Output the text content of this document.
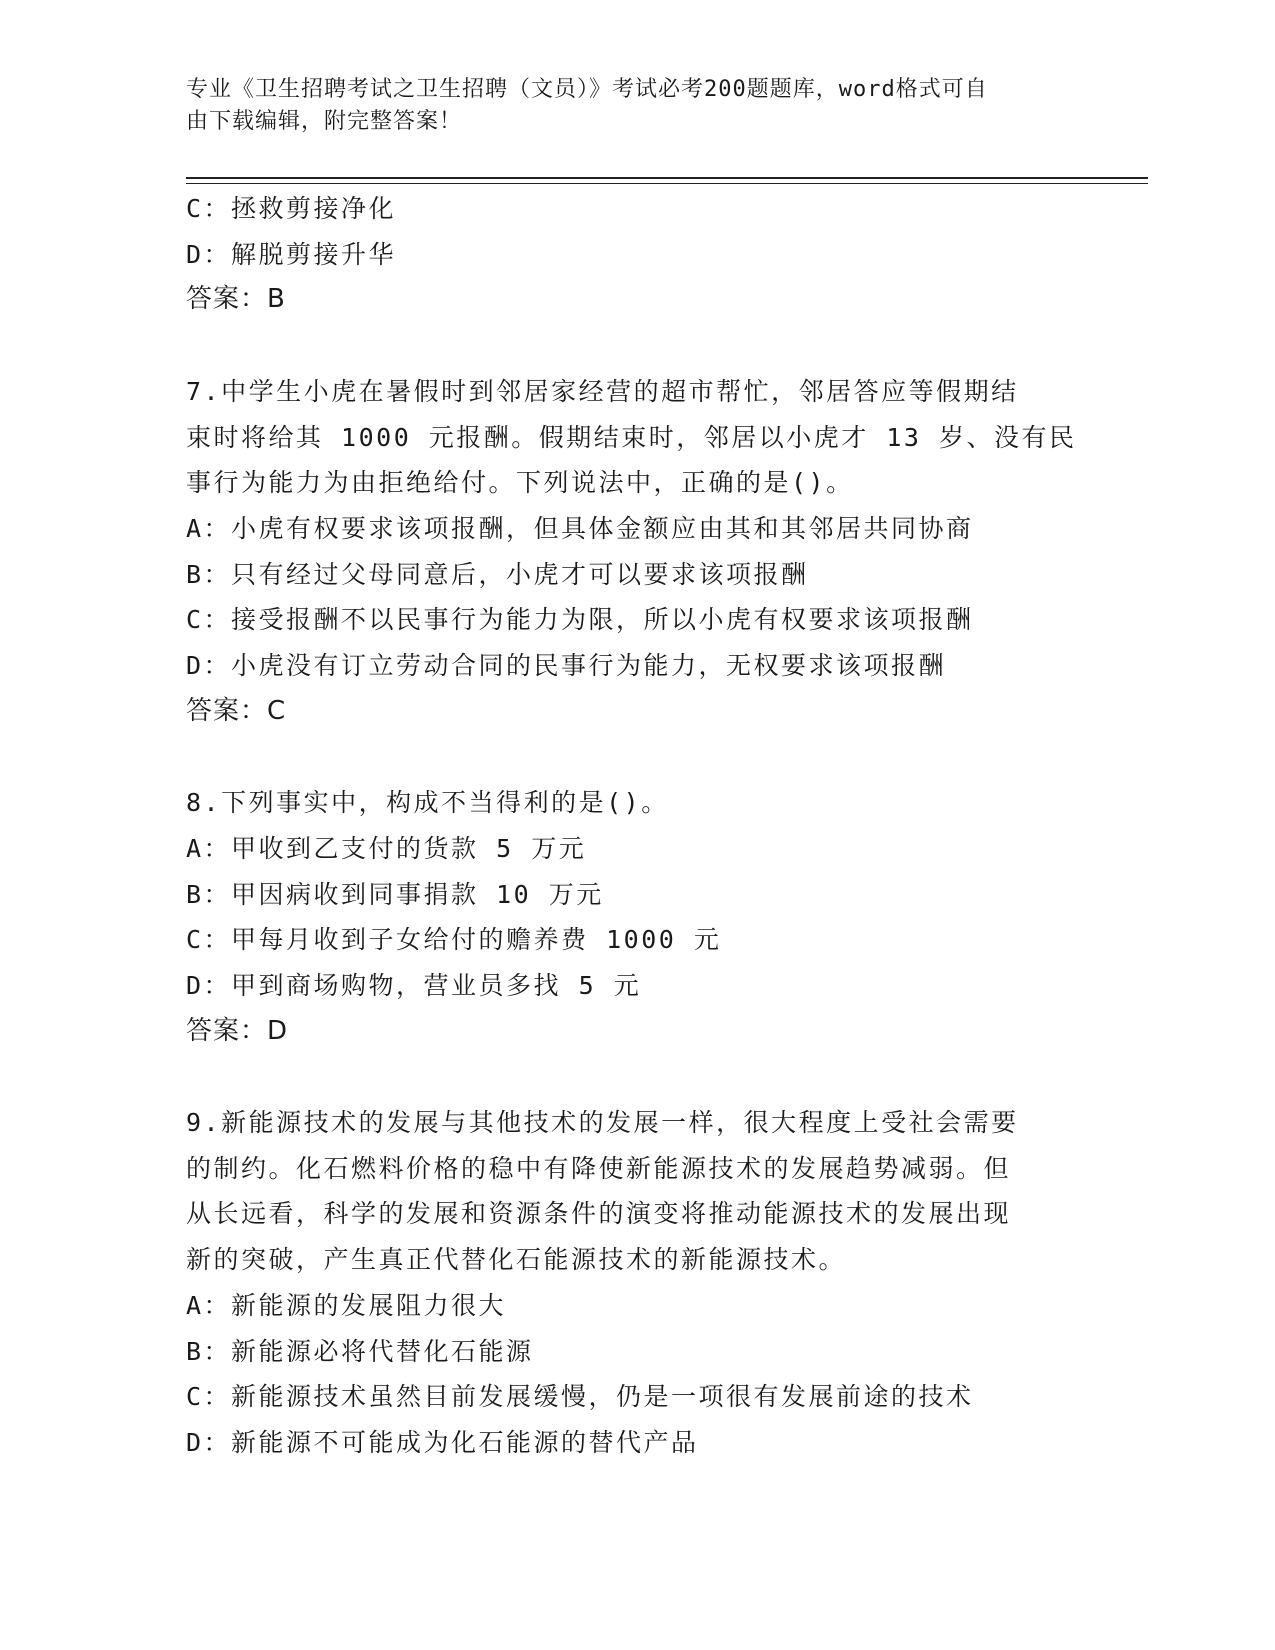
专业《卫生招聘考试之卫生招聘（文员）》考试必考200题题库，word格式可自
由下载编辑，附完整答案！
C：拯救剪接净化
D：解脱剪接升华
答案：B
7.中学生小虎在暑假时到邻居家经营的超市帮忙，邻居答应等假期结
束时将给其 1000 元报酬。假期结束时，邻居以小虎才 13 岁、没有民
事行为能力为由拒绝给付。下列说法中，正确的是()。
A：小虎有权要求该项报酬，但具体金额应由其和其邻居共同协商
B：只有经过父母同意后，小虎才可以要求该项报酬
C：接受报酬不以民事行为能力为限，所以小虎有权要求该项报酬
D：小虎没有订立劳动合同的民事行为能力，无权要求该项报酬
答案：C
8.下列事实中，构成不当得利的是()。
A：甲收到乙支付的货款 5 万元
B：甲因病收到同事捐款 10 万元
C：甲每月收到子女给付的赡养费 1000 元
D：甲到商场购物，营业员多找 5 元
答案：D
9.新能源技术的发展与其他技术的发展一样，很大程度上受社会需要
的制约。化石燃料价格的稳中有降使新能源技术的发展趋势减弱。但
从长远看，科学的发展和资源条件的演变将推动能源技术的发展出现
新的突破，产生真正代替化石能源技术的新能源技术。
A：新能源的发展阻力很大
B：新能源必将代替化石能源
C：新能源技术虽然目前发展缓慢，仍是一项很有发展前途的技术
D：新能源不可能成为化石能源的替代产品
